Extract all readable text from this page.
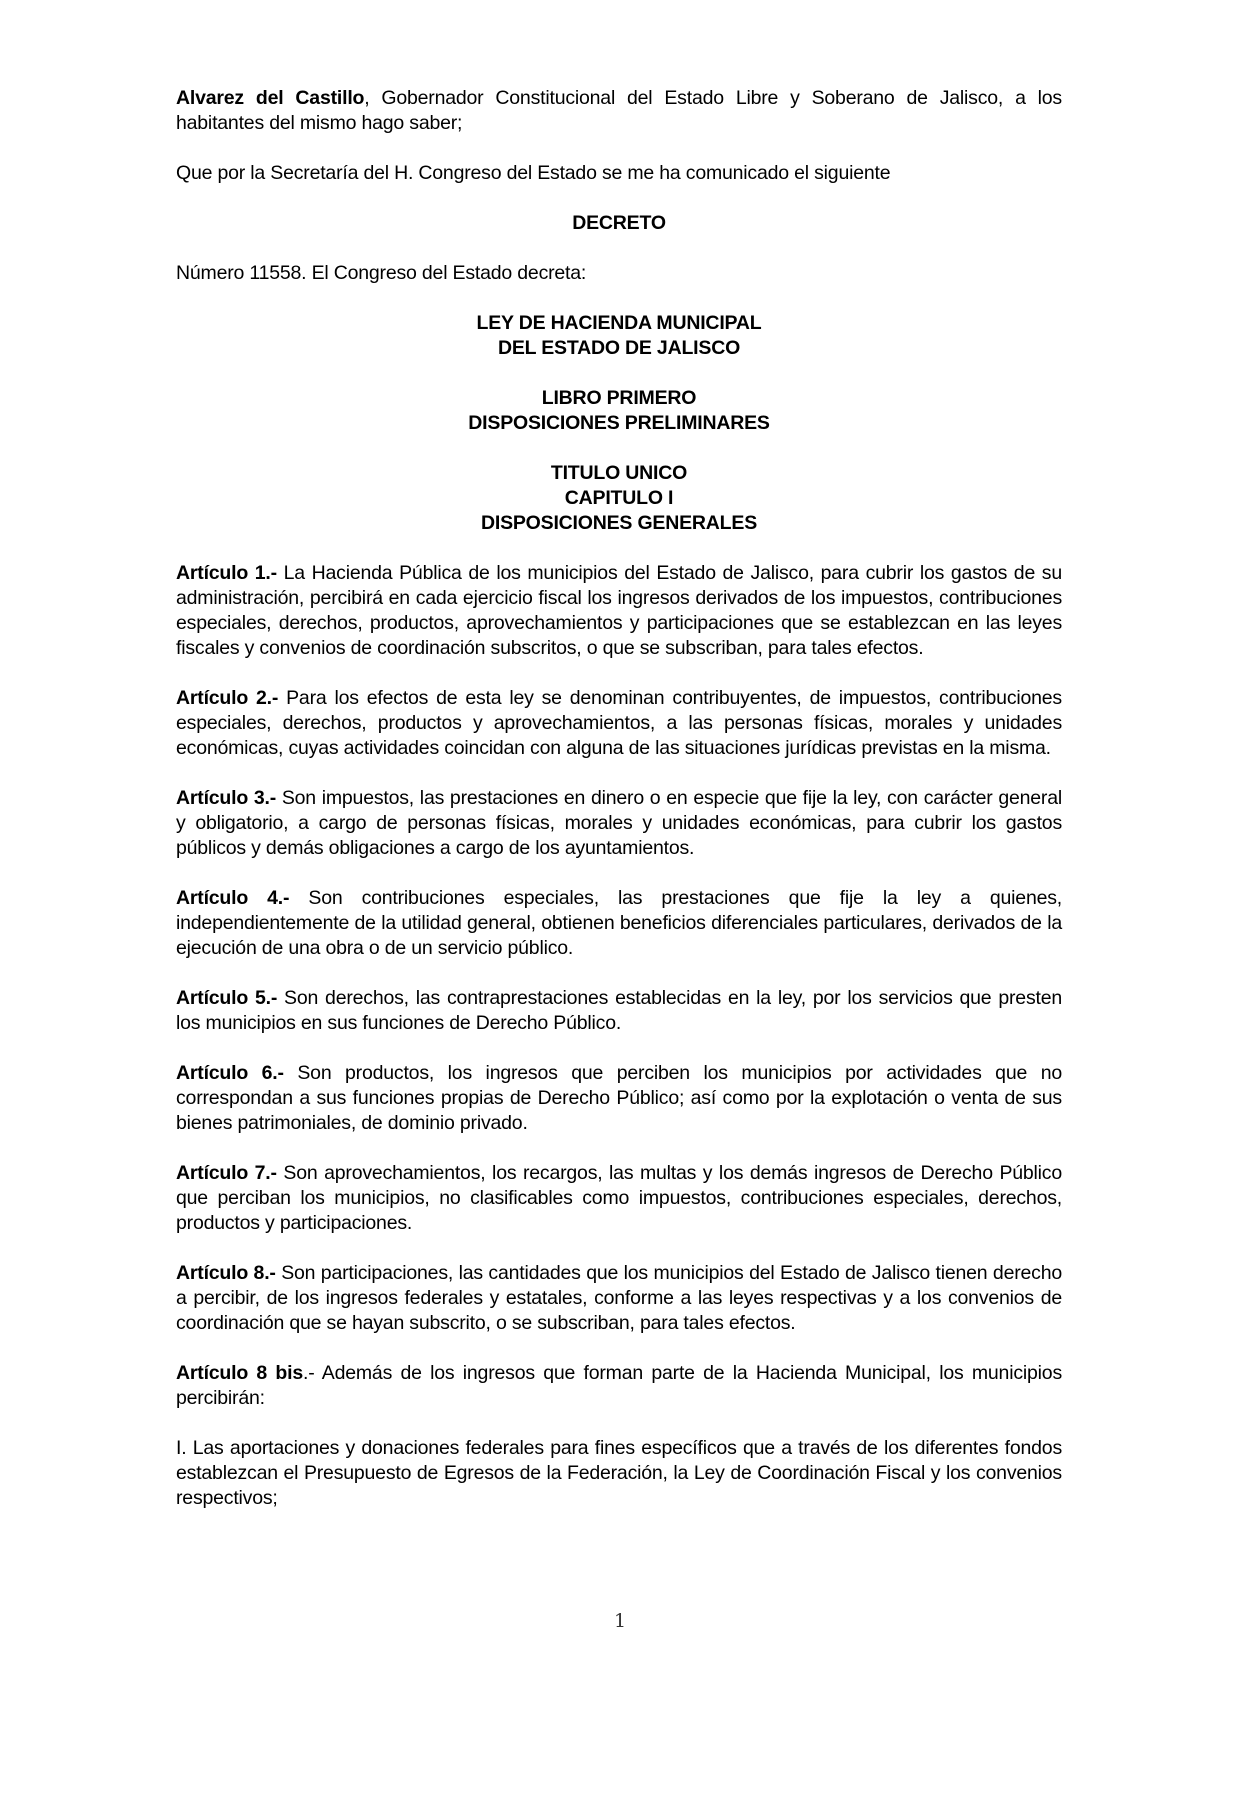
Alvarez del Castillo, Gobernador Constitucional del Estado Libre y Soberano de Jalisco, a los habitantes del mismo hago saber;

Que por la Secretaría del H. Congreso del Estado se me ha comunicado el siguiente

DECRETO

Número 11558. El Congreso del Estado decreta:

LEY DE HACIENDA MUNICIPAL
DEL ESTADO DE JALISCO
LIBRO PRIMERO
DISPOSICIONES PRELIMINARES
TITULO UNICO
CAPITULO I
DISPOSICIONES GENERALES

Artículo 1.- La Hacienda Pública de los municipios del Estado de Jalisco, para cubrir los gastos de su administración, percibirá en cada ejercicio fiscal los ingresos derivados de los impuestos, contribuciones especiales, derechos, productos, aprovechamientos y participaciones que se establezcan en las leyes fiscales y convenios de coordinación subscritos, o que se subscriban, para tales efectos.

Artículo 2.- Para los efectos de esta ley se denominan contribuyentes, de impuestos, contribuciones especiales, derechos, productos y aprovechamientos, a las personas físicas, morales y unidades económicas, cuyas actividades coincidan con alguna de las situaciones jurídicas previstas en la misma.

Artículo 3.- Son impuestos, las prestaciones en dinero o en especie que fije la ley, con carácter general y obligatorio, a cargo de personas físicas, morales y unidades económicas, para cubrir los gastos públicos y demás obligaciones a cargo de los ayuntamientos.

Artículo 4.- Son contribuciones especiales, las prestaciones que fije la ley a quienes, independientemente de la utilidad general, obtienen beneficios diferenciales particulares, derivados de la ejecución de una obra o de un servicio público.

Artículo 5.- Son derechos, las contraprestaciones establecidas en la ley, por los servicios que presten los municipios en sus funciones de Derecho Público.

Artículo 6.- Son productos, los ingresos que perciben los municipios por actividades que no correspondan a sus funciones propias de Derecho Público; así como por la explotación o venta de sus bienes patrimoniales, de dominio privado.

Artículo 7.- Son aprovechamientos, los recargos, las multas y los demás ingresos de Derecho Público que perciban los municipios, no clasificables como impuestos, contribuciones especiales, derechos, productos y participaciones.

Artículo 8.- Son participaciones, las cantidades que los municipios del Estado de Jalisco tienen derecho a percibir, de los ingresos federales y estatales, conforme a las leyes respectivas y a los convenios de coordinación que se hayan subscrito, o se subscriban, para tales efectos.

Artículo 8 bis.- Además de los ingresos que forman parte de la Hacienda Municipal, los municipios percibirán:

I. Las aportaciones y donaciones federales para fines específicos que a través de los diferentes fondos establezcan el Presupuesto de Egresos de la Federación, la Ley de Coordinación Fiscal y los convenios respectivos;

1
